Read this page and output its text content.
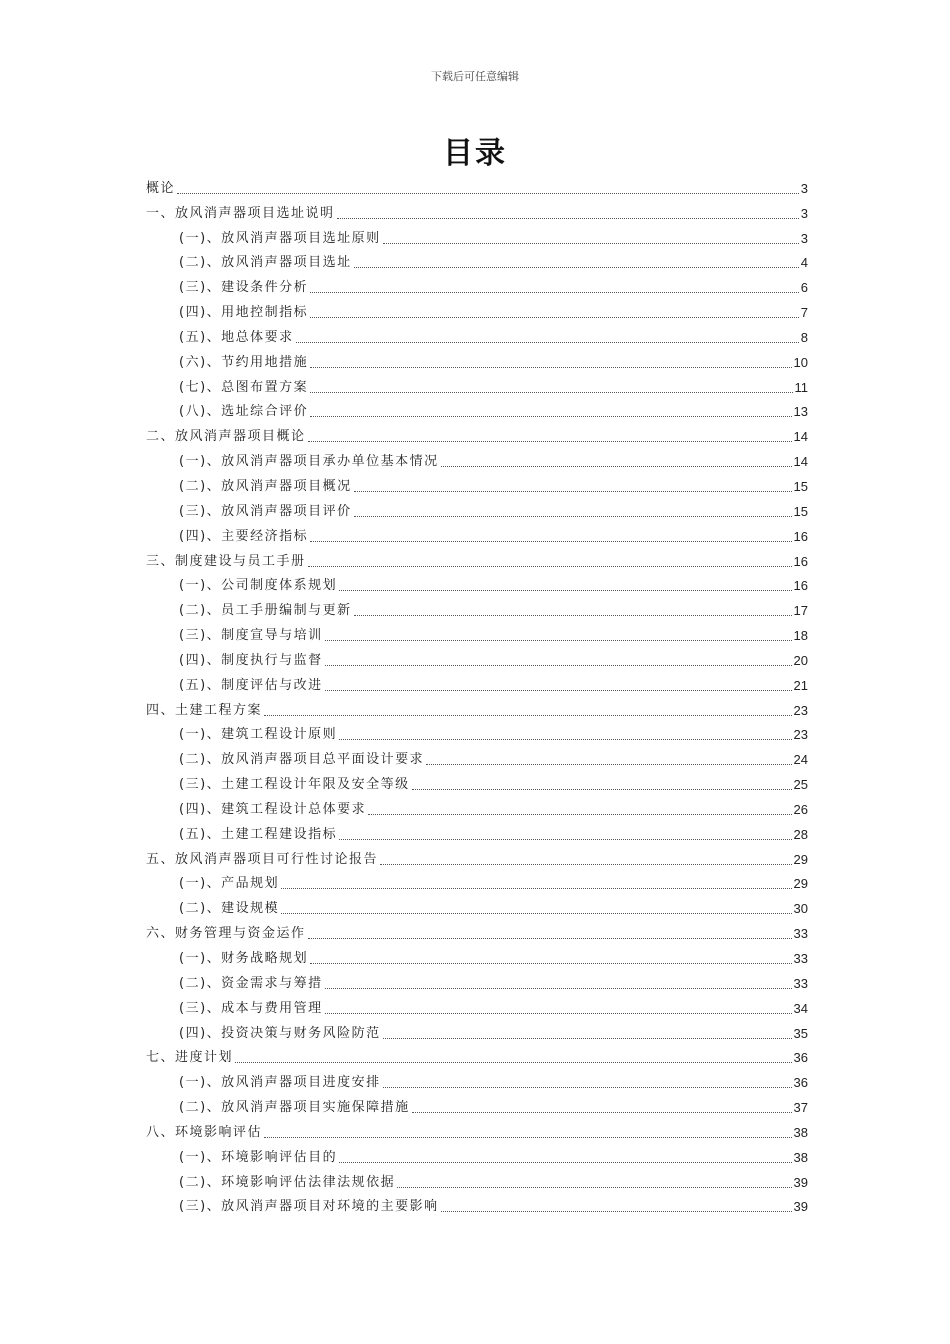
下载后可任意编辑
目录
概论	3
一、放风消声器项目选址说明	3
(一)、放风消声器项目选址原则	3
(二)、放风消声器项目选址	4
(三)、建设条件分析	6
(四)、用地控制指标	7
(五)、地总体要求	8
(六)、节约用地措施	10
(七)、总图布置方案	11
(八)、选址综合评价	13
二、放风消声器项目概论	14
(一)、放风消声器项目承办单位基本情况	14
(二)、放风消声器项目概况	15
(三)、放风消声器项目评价	15
(四)、主要经济指标	16
三、制度建设与员工手册	16
(一)、公司制度体系规划	16
(二)、员工手册编制与更新	17
(三)、制度宣导与培训	18
(四)、制度执行与监督	20
(五)、制度评估与改进	21
四、土建工程方案	23
(一)、建筑工程设计原则	23
(二)、放风消声器项目总平面设计要求	24
(三)、土建工程设计年限及安全等级	25
(四)、建筑工程设计总体要求	26
(五)、土建工程建设指标	28
五、放风消声器项目可行性讨论报告	29
(一)、产品规划	29
(二)、建设规模	30
六、财务管理与资金运作	33
(一)、财务战略规划	33
(二)、资金需求与筹措	33
(三)、成本与费用管理	34
(四)、投资决策与财务风险防范	35
七、进度计划	36
(一)、放风消声器项目进度安排	36
(二)、放风消声器项目实施保障措施	37
八、环境影响评估	38
(一)、环境影响评估目的	38
(二)、环境影响评估法律法规依据	39
(三)、放风消声器项目对环境的主要影响	39
